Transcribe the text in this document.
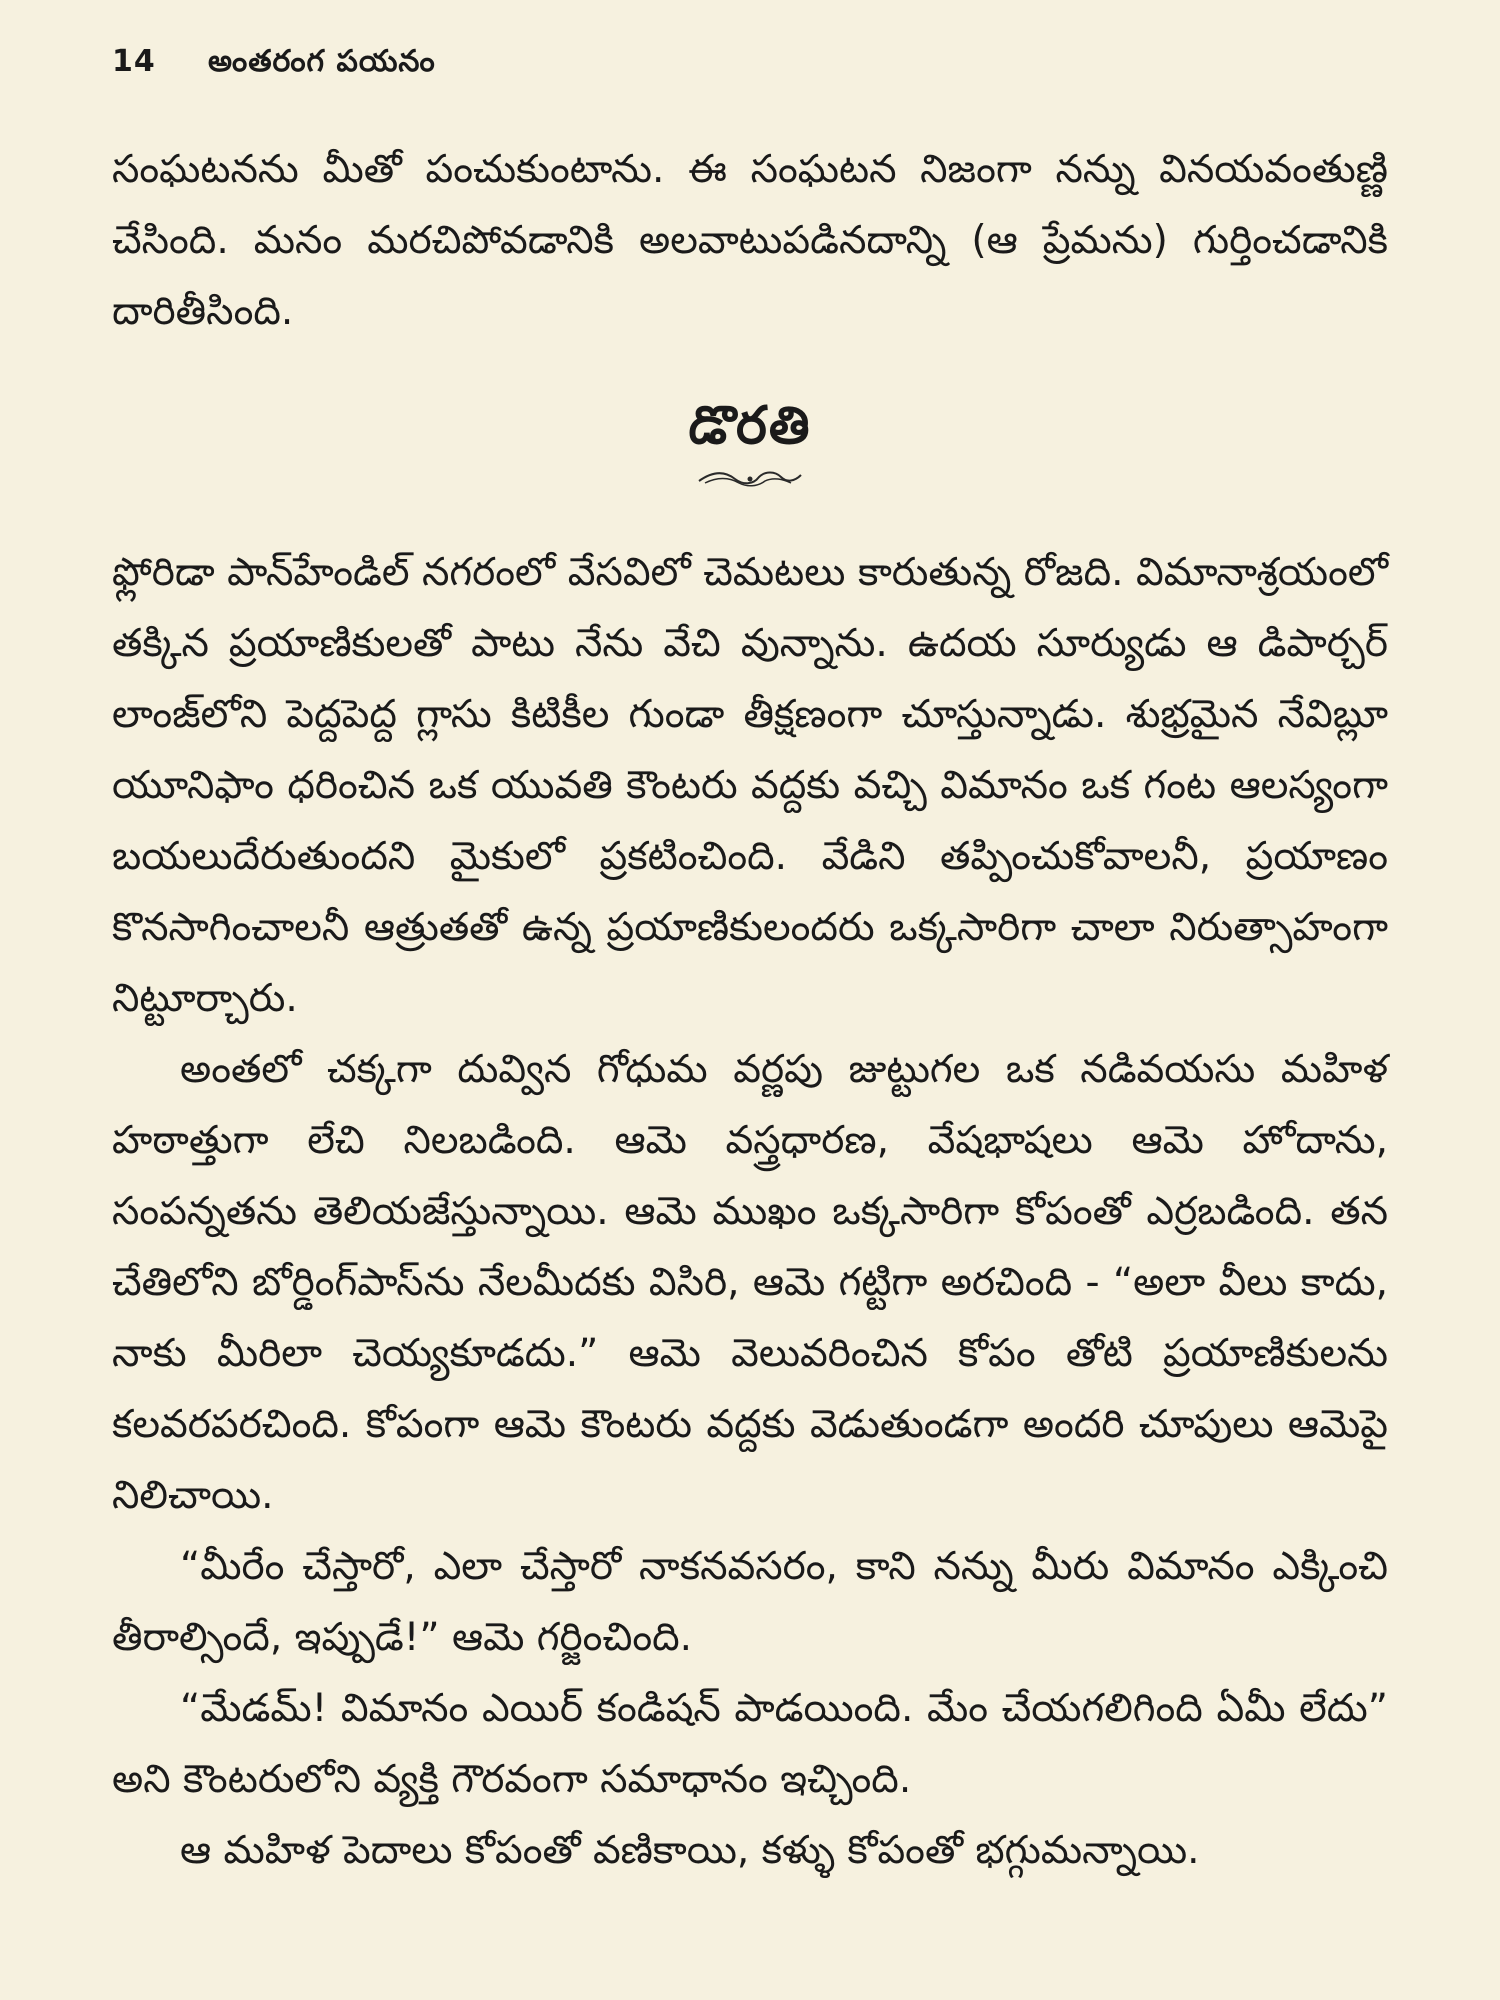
14 అంతరంగ పయనం

సంఘటనను మీతో పంచుకుంటాను. ఈ సంఘటన నిజంగా నన్ను వినయవంతుణ్ణి చేసింది. మనం మరచిపోవడానికి అలవాటుపడినదాన్ని (ఆ ప్రేమను) గుర్తించడానికి దారితీసింది.

డొరతి

ఫ్లోరిడా పాన్‌హేండిల్ నగరంలో వేసవిలో చెమటలు కారుతున్న రోజది. విమానాశ్రయంలో తక్కిన ప్రయాణికులతో పాటు నేను వేచి వున్నాను. ఉదయ సూర్యుడు ఆ డిపార్చర్ లాంజ్‌లోని పెద్దపెద్ద గ్లాసు కిటికీల గుండా తీక్షణంగా చూస్తున్నాడు. శుభ్రమైన నేవిబ్లూ యూనిఫాం ధరించిన ఒక యువతి కౌంటరు వద్దకు వచ్చి విమానం ఒక గంట ఆలస్యంగా బయలుదేరుతుందని మైకులో ప్రకటించింది. వేడిని తప్పించుకోవాలనీ, ప్రయాణం కొనసాగించాలనీ ఆత్రుతతో ఉన్న ప్రయాణికులందరు ఒక్కసారిగా చాలా నిరుత్సాహంగా నిట్టూర్చారు.

అంతలో చక్కగా దువ్విన గోధుమ వర్ణపు జుట్టుగల ఒక నడివయసు మహిళ హఠాత్తుగా లేచి నిలబడింది. ఆమె వస్త్రధారణ, వేషభాషలు ఆమె హోదాను, సంపన్నతను తెలియజేస్తున్నాయి. ఆమె ముఖం ఒక్కసారిగా కోపంతో ఎర్రబడింది. తన చేతిలోని బోర్డింగ్‌పాస్‌ను నేలమీదకు విసిరి, ఆమె గట్టిగా అరచింది - “అలా వీలు కాదు, నాకు మీరిలా చెయ్యకూడదు.” ఆమె వెలువరించిన కోపం తోటి ప్రయాణికులను కలవరపరచింది. కోపంగా ఆమె కౌంటరు వద్దకు వెడుతుండగా అందరి చూపులు ఆమెపై నిలిచాయి.

“మీరేం చేస్తారో, ఎలా చేస్తారో నాకనవసరం, కాని నన్ను మీరు విమానం ఎక్కించి తీరాల్సిందే, ఇప్పుడే!” ఆమె గర్జించింది.

“మేడమ్! విమానం ఎయిర్ కండిషన్ పాడయింది. మేం చేయగలిగింది ఏమీ లేదు” అని కౌంటరులోని వ్యక్తి గౌరవంగా సమాధానం ఇచ్చింది.

ఆ మహిళ పెదాలు కోపంతో వణికాయి, కళ్ళు కోపంతో భగ్గుమన్నాయి.
